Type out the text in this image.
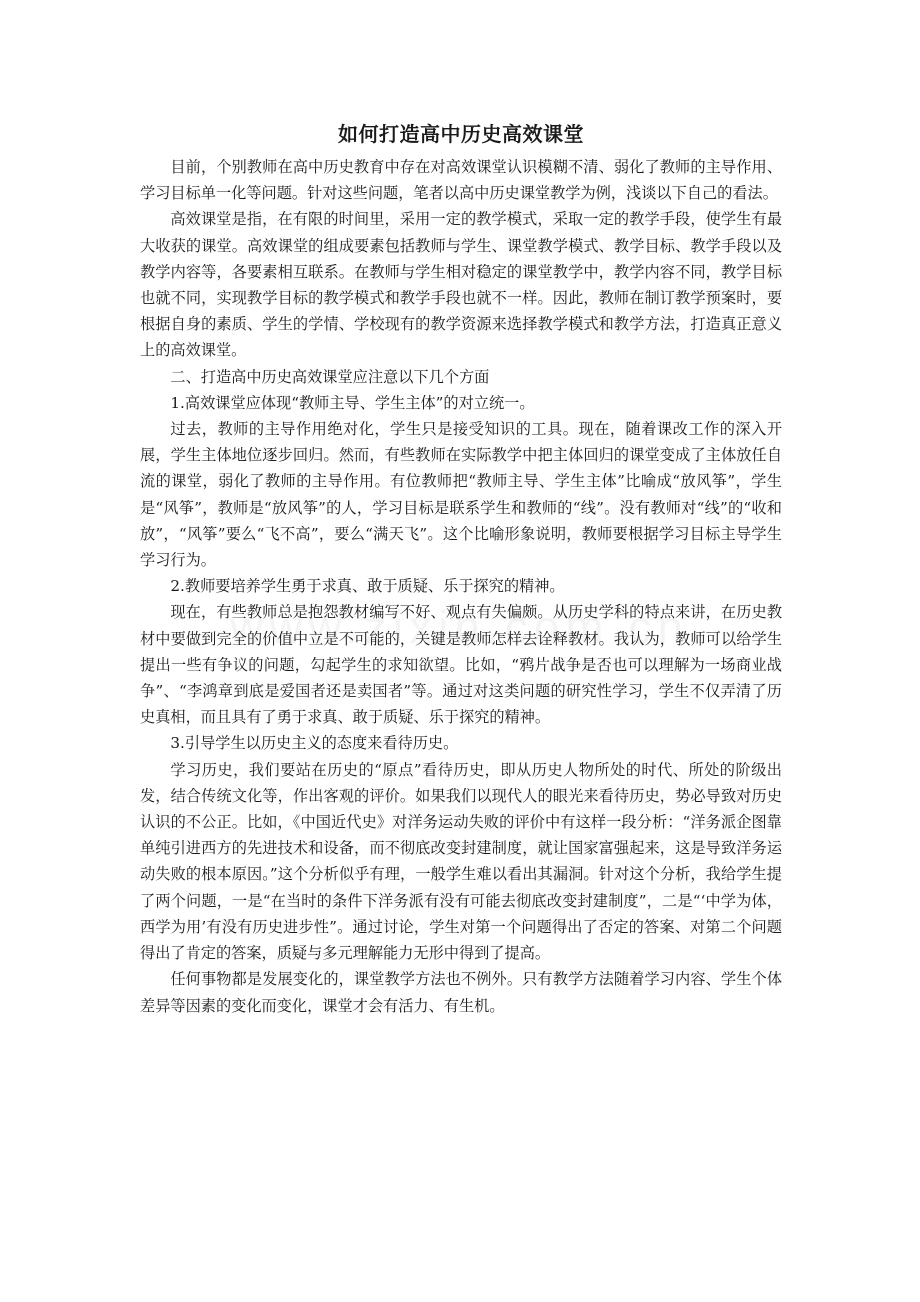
如何打造高中历史高效课堂

目前，个别教师在高中历史教育中存在对高效课堂认识模糊不清、弱化了教师的主导作用、学习目标单一化等问题。针对这些问题，笔者以高中历史课堂教学为例，浅谈以下自己的看法。

高效课堂是指，在有限的时间里，采用一定的教学模式，采取一定的教学手段，使学生有最大收获的课堂。高效课堂的组成要素包括教师与学生、课堂教学模式、教学目标、教学手段以及教学内容等，各要素相互联系。在教师与学生相对稳定的课堂教学中，教学内容不同，教学目标也就不同，实现教学目标的教学模式和教学手段也就不一样。因此，教师在制订教学预案时，要根据自身的素质、学生的学情、学校现有的教学资源来选择教学模式和教学方法，打造真正意义上的高效课堂。

二、打造高中历史高效课堂应注意以下几个方面

1.高效课堂应体现“教师主导、学生主体”的对立统一。

过去，教师的主导作用绝对化，学生只是接受知识的工具。现在，随着课改工作的深入开展，学生主体地位逐步回归。然而，有些教师在实际教学中把主体回归的课堂变成了主体放任自流的课堂，弱化了教师的主导作用。有位教师把“教师主导、学生主体”比喻成“放风筝”，学生是“风筝”，教师是“放风筝”的人，学习目标是联系学生和教师的“线”。没有教师对“线”的“收和放”，“风筝”要么“飞不高”，要么“满天飞”。这个比喻形象说明，教师要根据学习目标主导学生学习行为。

2.教师要培养学生勇于求真、敢于质疑、乐于探究的精神。

现在，有些教师总是抱怨教材编写不好、观点有失偏颇。从历史学科的特点来讲，在历史教材中要做到完全的价值中立是不可能的，关键是教师怎样去诠释教材。我认为，教师可以给学生提出一些有争议的问题，勾起学生的求知欲望。比如，“鸦片战争是否也可以理解为一场商业战争”、“李鸿章到底是爱国者还是卖国者”等。通过对这类问题的研究性学习，学生不仅弄清了历史真相，而且具有了勇于求真、敢于质疑、乐于探究的精神。

3.引导学生以历史主义的态度来看待历史。

学习历史，我们要站在历史的“原点”看待历史，即从历史人物所处的时代、所处的阶级出发，结合传统文化等，作出客观的评价。如果我们以现代人的眼光来看待历史，势必导致对历史认识的不公正。比如，《中国近代史》对洋务运动失败的评价中有这样一段分析：“洋务派企图靠单纯引进西方的先进技术和设备，而不彻底改变封建制度，就让国家富强起来，这是导致洋务运动失败的根本原因。”这个分析似乎有理，一般学生难以看出其漏洞。针对这个分析，我给学生提了两个问题，一是“在当时的条件下洋务派有没有可能去彻底改变封建制度”，二是“‘中学为体，西学为用’有没有历史进步性”。通过讨论，学生对第一个问题得出了否定的答案、对第二个问题得出了肯定的答案，质疑与多元理解能力无形中得到了提高。

任何事物都是发展变化的，课堂教学方法也不例外。只有教学方法随着学习内容、学生个体差异等因素的变化而变化，课堂才会有活力、有生机。
